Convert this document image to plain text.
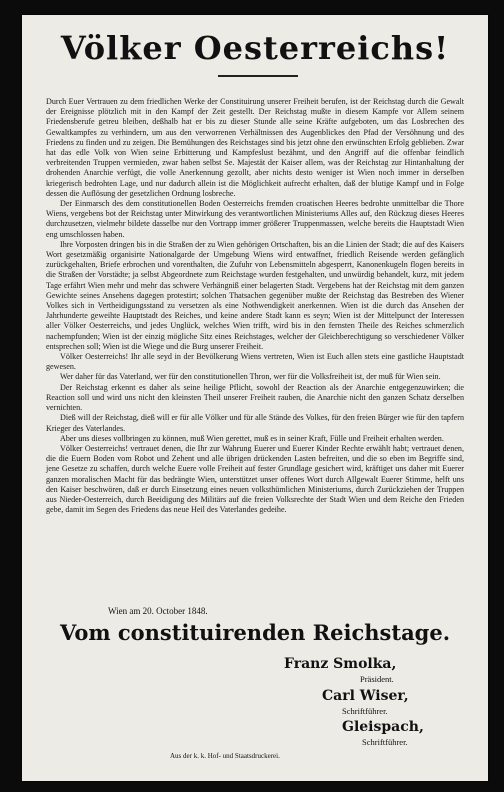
Völker Oesterreichs!

Durch Euer Vertrauen zu dem friedlichen Werke der Constituirung unserer Freiheit berufen, ist der Reichstag durch die Gewalt der Ereignisse plötzlich mit in den Kampf der Zeit gestellt. Der Reichstag mußte in diesem Kampfe vor Allem seinem Friedensberufe getreu bleiben, deßhalb hat er bis zu dieser Stunde alle seine Kräfte aufgeboten, um das Losbrechen des Gewaltkampfes zu verhindern, um aus den verworrenen Verhältnissen des Augenblickes den Pfad der Versöhnung und des Friedens zu finden und zu zeigen. Die Bemühungen des Reichstages sind bis jetzt ohne den erwünschten Erfolg geblieben. Zwar hat das edle Volk von Wien seine Erbitterung und Kampfeslust bezähmt, und den Angriff auf die offenbar feindlich verbreitenden Truppen vermieden, zwar haben selbst Se. Majestät der Kaiser allem, was der Reichstag zur Hintanhaltung der drohenden Anarchie verfügt, die volle Anerkennung gezollt, aber nichts desto weniger ist Wien noch immer in derselben kriegerisch bedrohten Lage, und nur dadurch allein ist die Möglichkeit aufrecht erhalten, daß der blutige Kampf und in Folge dessen die Auflösung der gesetzlichen Ordnung losbreche.

Der Einmarsch des dem constitutionellen Boden Oesterreichs fremden croatischen Heeres bedrohte unmittelbar die Thore Wiens, vergebens bot der Reichstag unter Mitwirkung des verantwortlichen Ministeriums Alles auf, den Rückzug dieses Heeres durchzusetzen, vielmehr bildete dasselbe nur den Vortrapp immer größerer Truppenmassen, welche bereits die Hauptstadt Wien eng umschlossen haben.

Ihre Vorposten dringen bis in die Straßen der zu Wien gehörigen Ortschaften, bis an die Linien der Stadt; die auf des Kaisers Wort gesetzmäßig organisirte Nationalgarde der Umgebung Wiens wird entwaffnet, friedlich Reisende werden gefänglich zurückgehalten, Briefe erbrochen und vorenthalten, die Zufuhr von Lebensmitteln abgesperrt, Kanonenkugeln flogen bereits in die Straßen der Vorstädte; ja selbst Abgeordnete zum Reichstage wurden festgehalten, und unwürdig behandelt, kurz, mit jedem Tage erfährt Wien mehr und mehr das schwere Verhängniß einer belagerten Stadt. Vergebens hat der Reichstag mit dem ganzen Gewichte seines Ansehens dagegen protestirt; solchen Thatsachen gegenüber mußte der Reichstag das Bestreben des Wiener Volkes sich in Vertheidigungsstand zu versetzen als eine Nothwendigkeit anerkennen. Wien ist die durch das Ansehen der Jahrhunderte geweihte Hauptstadt des Reiches, und keine andere Stadt kann es seyn; Wien ist der Mittelpunct der Interessen aller Völker Oesterreichs, und jedes Unglück, welches Wien trifft, wird bis in den fernsten Theile des Reiches schmerzlich nachempfunden; Wien ist der einzig mögliche Sitz eines Reichstages, welcher der Gleichberechtigung so verschiedener Völker entsprechen soll; Wien ist die Wiege und die Burg unserer Freiheit.

Völker Oesterreichs! Ihr alle seyd in der Bevölkerung Wiens vertreten, Wien ist Euch allen stets eine gastliche Hauptstadt gewesen.

Wer daher für das Vaterland, wer für den constitutionellen Thron, wer für die Volksfreiheit ist, der muß für Wien sein.

Der Reichstag erkennt es daher als seine heilige Pflicht, sowohl der Reaction als der Anarchie entgegenzuwirken; die Reaction soll und wird uns nicht den kleinsten Theil unserer Freiheit rauben, die Anarchie nicht den ganzen Schatz derselben vernichten.

Dieß will der Reichstag, dieß will er für alle Völker und für alle Stände des Volkes, für den freien Bürger wie für den tapfern Krieger des Vaterlandes.

Aber uns dieses vollbringen zu können, muß Wien gerettet, muß es in seiner Kraft, Fülle und Freiheit erhalten werden.

Völker Oesterreichs! vertrauet denen, die Ihr zur Wahrung Euerer und Euerer Kinder Rechte erwählt habt; vertrauet denen, die die Euern Boden vom Robot und Zehent und alle übrigen drückenden Lasten befreiten, und die so eben im Begriffe sind, jene Gesetze zu schaffen, durch welche Euere volle Freiheit auf fester Grundlage gesichert wird, kräftiget uns daher mit Euerer ganzen moralischen Macht für das bedrängte Wien, unterstützet unser offenes Wort durch Allgewalt Euerer Stimme, helft uns den Kaiser beschwören, daß er durch Einsetzung eines neuen volksthümlichen Ministeriums, durch Zurückziehen der Truppen aus Nieder-Oesterreich, durch Beeidigung des Militärs auf die freien Volksrechte der Stadt Wien und dem Reiche den Frieden gebe, damit im Segen des Friedens das neue Heil des Vaterlandes gedeihe.

Wien am 20. October 1848.
Vom constituirenden Reichstage.
Franz Smolka,
Präsident.
Carl Wiser,
Schriftführer.
Gleispach,
Schriftführer.
Aus der k. k. Hof- und Staatsdruckerei.
